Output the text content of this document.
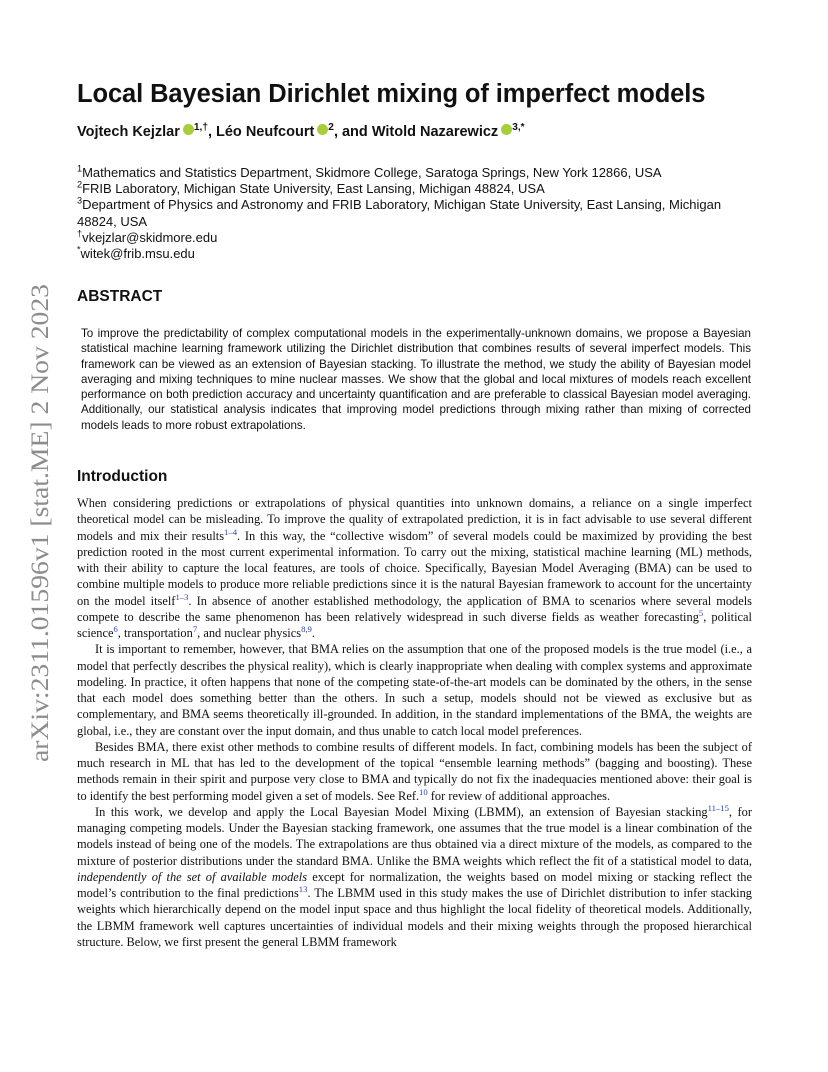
arXiv:2311.01596v1 [stat.ME] 2 Nov 2023
Local Bayesian Dirichlet mixing of imperfect models
Vojtech Kejzlar $^{1,\dagger}$, Léo Neufcourt $^2$, and Witold Nazarewicz $^{3,*}$
$^1$Mathematics and Statistics Department, Skidmore College, Saratoga Springs, New York 12866, USA
$^2$FRIB Laboratory, Michigan State University, East Lansing, Michigan 48824, USA
$^3$Department of Physics and Astronomy and FRIB Laboratory, Michigan State University, East Lansing, Michigan 48824, USA
†vkejzlar@skidmore.edu
*witek@frib.msu.edu
ABSTRACT

To improve the predictability of complex computational models in the experimentally-unknown domains, we propose a Bayesian statistical machine learning framework utilizing the Dirichlet distribution that combines results of several imperfect models. This framework can be viewed as an extension of Bayesian stacking. To illustrate the method, we study the ability of Bayesian model averaging and mixing techniques to mine nuclear masses. We show that the global and local mixtures of models reach excellent performance on both prediction accuracy and uncertainty quantification and are preferable to classical Bayesian model averaging. Additionally, our statistical analysis indicates that improving model predictions through mixing rather than mixing of corrected models leads to more robust extrapolations.

Introduction

When considering predictions or extrapolations of physical quantities into unknown domains, a reliance on a single imperfect theoretical model can be misleading. To improve the quality of extrapolated prediction, it is in fact advisable to use several different models and mix their results$^{1-4}$. In this way, the “collective wisdom” of several models could be maximized by providing the best prediction rooted in the most current experimental information. To carry out the mixing, statistical machine learning (ML) methods, with their ability to capture the local features, are tools of choice. Specifically, Bayesian Model Averaging (BMA) can be used to combine multiple models to produce more reliable predictions since it is the natural Bayesian framework to account for the uncertainty on the model itself$^{1-3}$. In absence of another established methodology, the application of BMA to scenarios where several models compete to describe the same phenomenon has been relatively widespread in such diverse fields as weather forecasting$^5$, political science$^6$, transportation$^7$, and nuclear physics$^{8,9}$.

It is important to remember, however, that BMA relies on the assumption that one of the proposed models is the true model (i.e., a model that perfectly describes the physical reality), which is clearly inappropriate when dealing with complex systems and approximate modeling. In practice, it often happens that none of the competing state-of-the-art models can be dominated by the others, in the sense that each model does something better than the others. In such a setup, models should not be viewed as exclusive but as complementary, and BMA seems theoretically ill-grounded. In addition, in the standard implementations of the BMA, the weights are global, i.e., they are constant over the input domain, and thus unable to catch local model preferences.

Besides BMA, there exist other methods to combine results of different models. In fact, combining models has been the subject of much research in ML that has led to the development of the topical “ensemble learning methods” (bagging and boosting). These methods remain in their spirit and purpose very close to BMA and typically do not fix the inadequacies mentioned above: their goal is to identify the best performing model given a set of models. See Ref.$^{10}$ for review of additional approaches.

In this work, we develop and apply the Local Bayesian Model Mixing (LBMM), an extension of Bayesian stacking$^{11-15}$, for managing competing models. Under the Bayesian stacking framework, one assumes that the true model is a linear combination of the models instead of being one of the models. The extrapolations are thus obtained via a direct mixture of the models, as compared to the mixture of posterior distributions under the standard BMA. Unlike the BMA weights which reflect the fit of a statistical model to data, independently of the set of available models except for normalization, the weights based on model mixing or stacking reflect the model’s contribution to the final predictions$^{13}$. The LBMM used in this study makes the use of Dirichlet distribution to infer stacking weights which hierarchically depend on the model input space and thus highlight the local fidelity of theoretical models. Additionally, the LBMM framework well captures uncertainties of individual models and their mixing weights through the proposed hierarchical structure. Below, we first present the general LBMM framework
